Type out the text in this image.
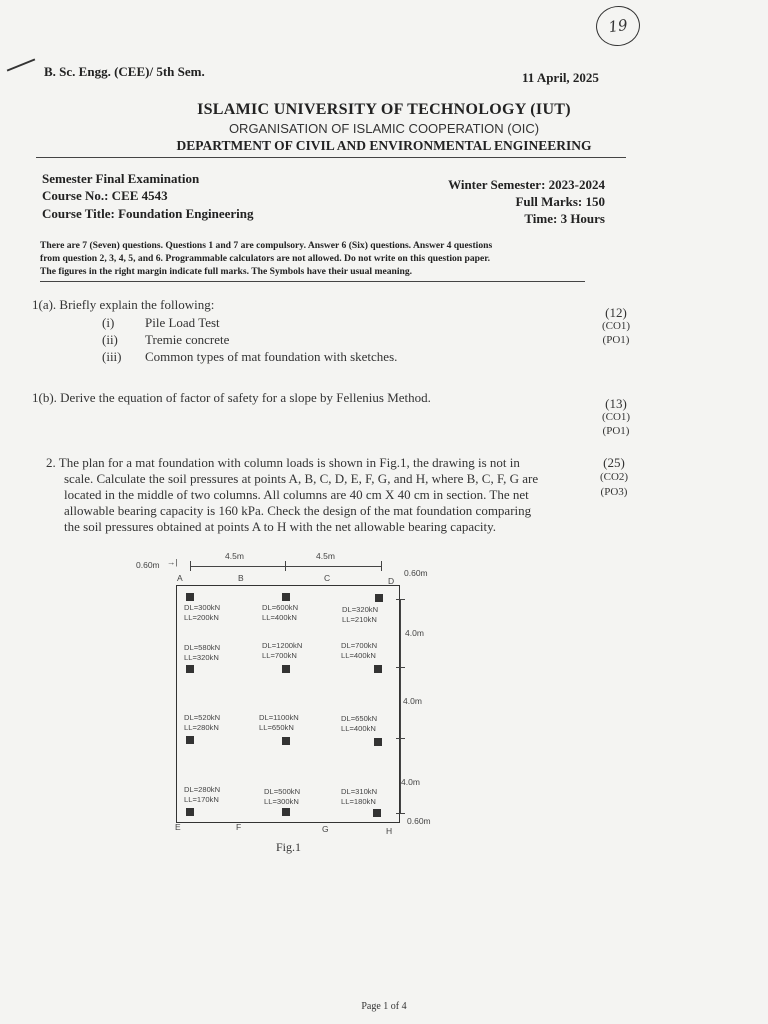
19
B. Sc. Engg. (CEE)/ 5th Sem.	11 April, 2025
ISLAMIC UNIVERSITY OF TECHNOLOGY (IUT)
ORGANISATION OF ISLAMIC COOPERATION (OIC)
DEPARTMENT OF CIVIL AND ENVIRONMENTAL ENGINEERING
Semester Final Examination
Course No.: CEE 4543
Course Title: Foundation Engineering
Winter Semester: 2023-2024
Full Marks: 150
Time: 3 Hours
There are 7 (Seven) questions. Questions 1 and 7 are compulsory. Answer 6 (Six) questions. Answer 4 questions
from question 2, 3, 4, 5, and 6. Programmable calculators are not allowed. Do not write on this question paper.
The figures in the right margin indicate full marks. The Symbols have their usual meaning.
1(a). Briefly explain the following:
(i) Pile Load Test
(ii) Tremie concrete
(iii) Common types of mat foundation with sketches.
(12)
(CO1)
(PO1)
1(b). Derive the equation of factor of safety for a slope by Fellenius Method.	(13)
(CO1)
(PO1)
2. The plan for a mat foundation with column loads is shown in Fig.1, the drawing is not in
scale. Calculate the soil pressures at points A, B, C, D, E, F, G, and H, where B, C, F, G are
located in the middle of two columns. All columns are 40 cm X 40 cm in section. The net
allowable bearing capacity is 160 kPa. Check the design of the mat foundation comparing
the soil pressures obtained at points A to H with the net allowable bearing capacity.
(25)
(CO2)
(PO3)
4.5m	4.5m
0.60m →|
0.60m
4.0m
4.0m
4.0m
0.60m
A	B	C	D
E	F	G	H
DL=300kN
LL=200kN
DL=600kN
LL=400kN
DL=320kN
LL=210kN
DL=580kN
LL=320kN
DL=1200kN
LL=700kN
DL=700kN
LL=400kN
DL=520kN
LL=280kN
DL=1100kN
LL=650kN
DL=650kN
LL=400kN
DL=280kN
LL=170kN
DL=500kN
LL=300kN
DL=310kN
LL=180kN
Fig.1
Page 1 of 4
